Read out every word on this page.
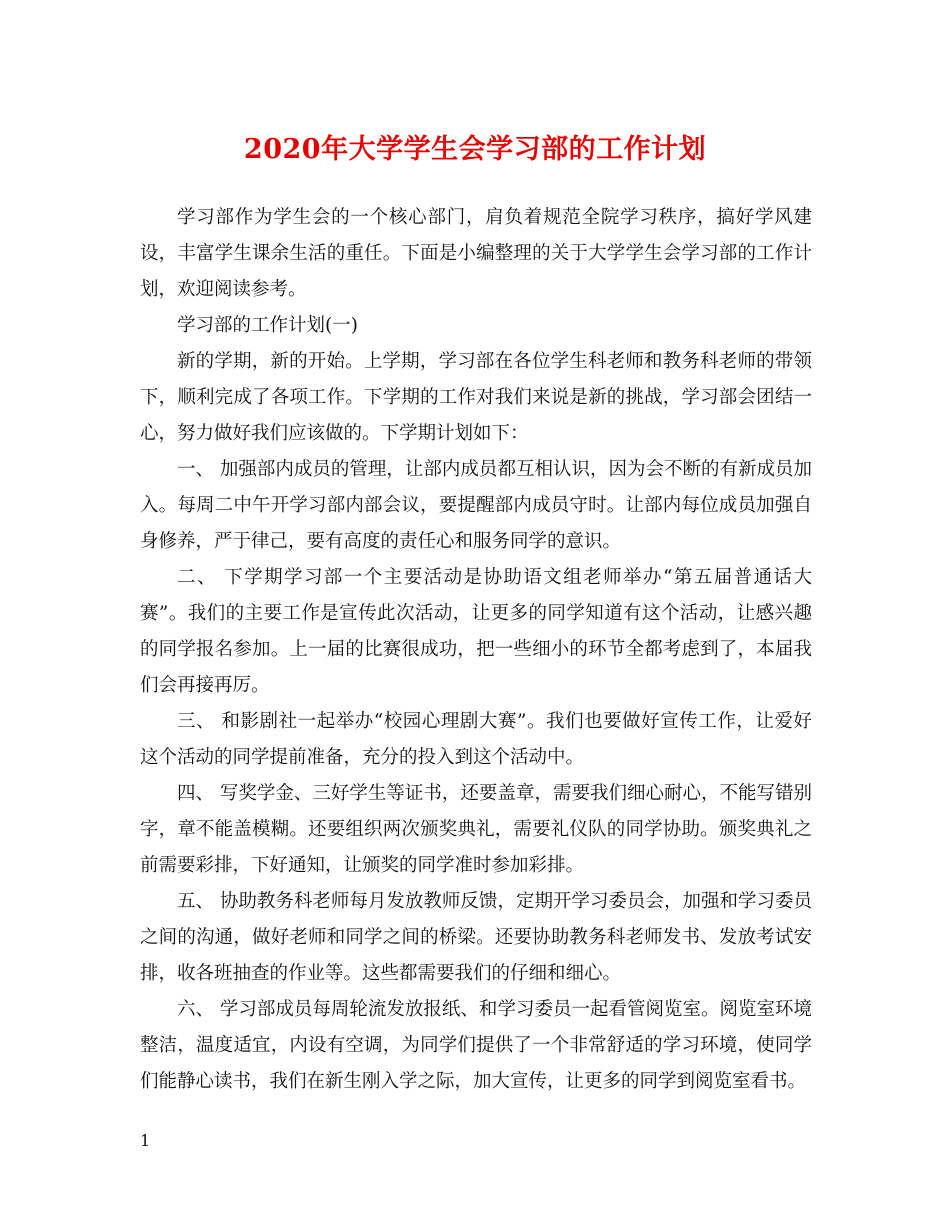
2020年大学学生会学习部的工作计划

学习部作为学生会的一个核心部门，肩负着规范全院学习秩序，搞好学风建设，丰富学生课余生活的重任。下面是小编整理的关于大学学生会学习部的工作计划，欢迎阅读参考。

学习部的工作计划(一)

新的学期，新的开始。上学期，学习部在各位学生科老师和教务科老师的带领下，顺利完成了各项工作。下学期的工作对我们来说是新的挑战，学习部会团结一心，努力做好我们应该做的。下学期计划如下：

一、 加强部内成员的管理，让部内成员都互相认识，因为会不断的有新成员加入。每周二中午开学习部内部会议，要提醒部内成员守时。让部内每位成员加强自身修养，严于律己，要有高度的责任心和服务同学的意识。

二、 下学期学习部一个主要活动是协助语文组老师举办“第五届普通话大赛”。我们的主要工作是宣传此次活动，让更多的同学知道有这个活动，让感兴趣的同学报名参加。上一届的比赛很成功，把一些细小的环节全都考虑到了，本届我们会再接再厉。

三、 和影剧社一起举办“校园心理剧大赛”。我们也要做好宣传工作，让爱好这个活动的同学提前准备，充分的投入到这个活动中。

四、 写奖学金、三好学生等证书，还要盖章，需要我们细心耐心，不能写错别字，章不能盖模糊。还要组织两次颁奖典礼，需要礼仪队的同学协助。颁奖典礼之前需要彩排，下好通知，让颁奖的同学准时参加彩排。

五、 协助教务科老师每月发放教师反馈，定期开学习委员会，加强和学习委员之间的沟通，做好老师和同学之间的桥梁。还要协助教务科老师发书、发放考试安排，收各班抽查的作业等。这些都需要我们的仔细和细心。

六、 学习部成员每周轮流发放报纸、和学习委员一起看管阅览室。阅览室环境整洁，温度适宜，内设有空调，为同学们提供了一个非常舒适的学习环境，使同学们能静心读书，我们在新生刚入学之际，加大宣传，让更多的同学到阅览室看书。

1
